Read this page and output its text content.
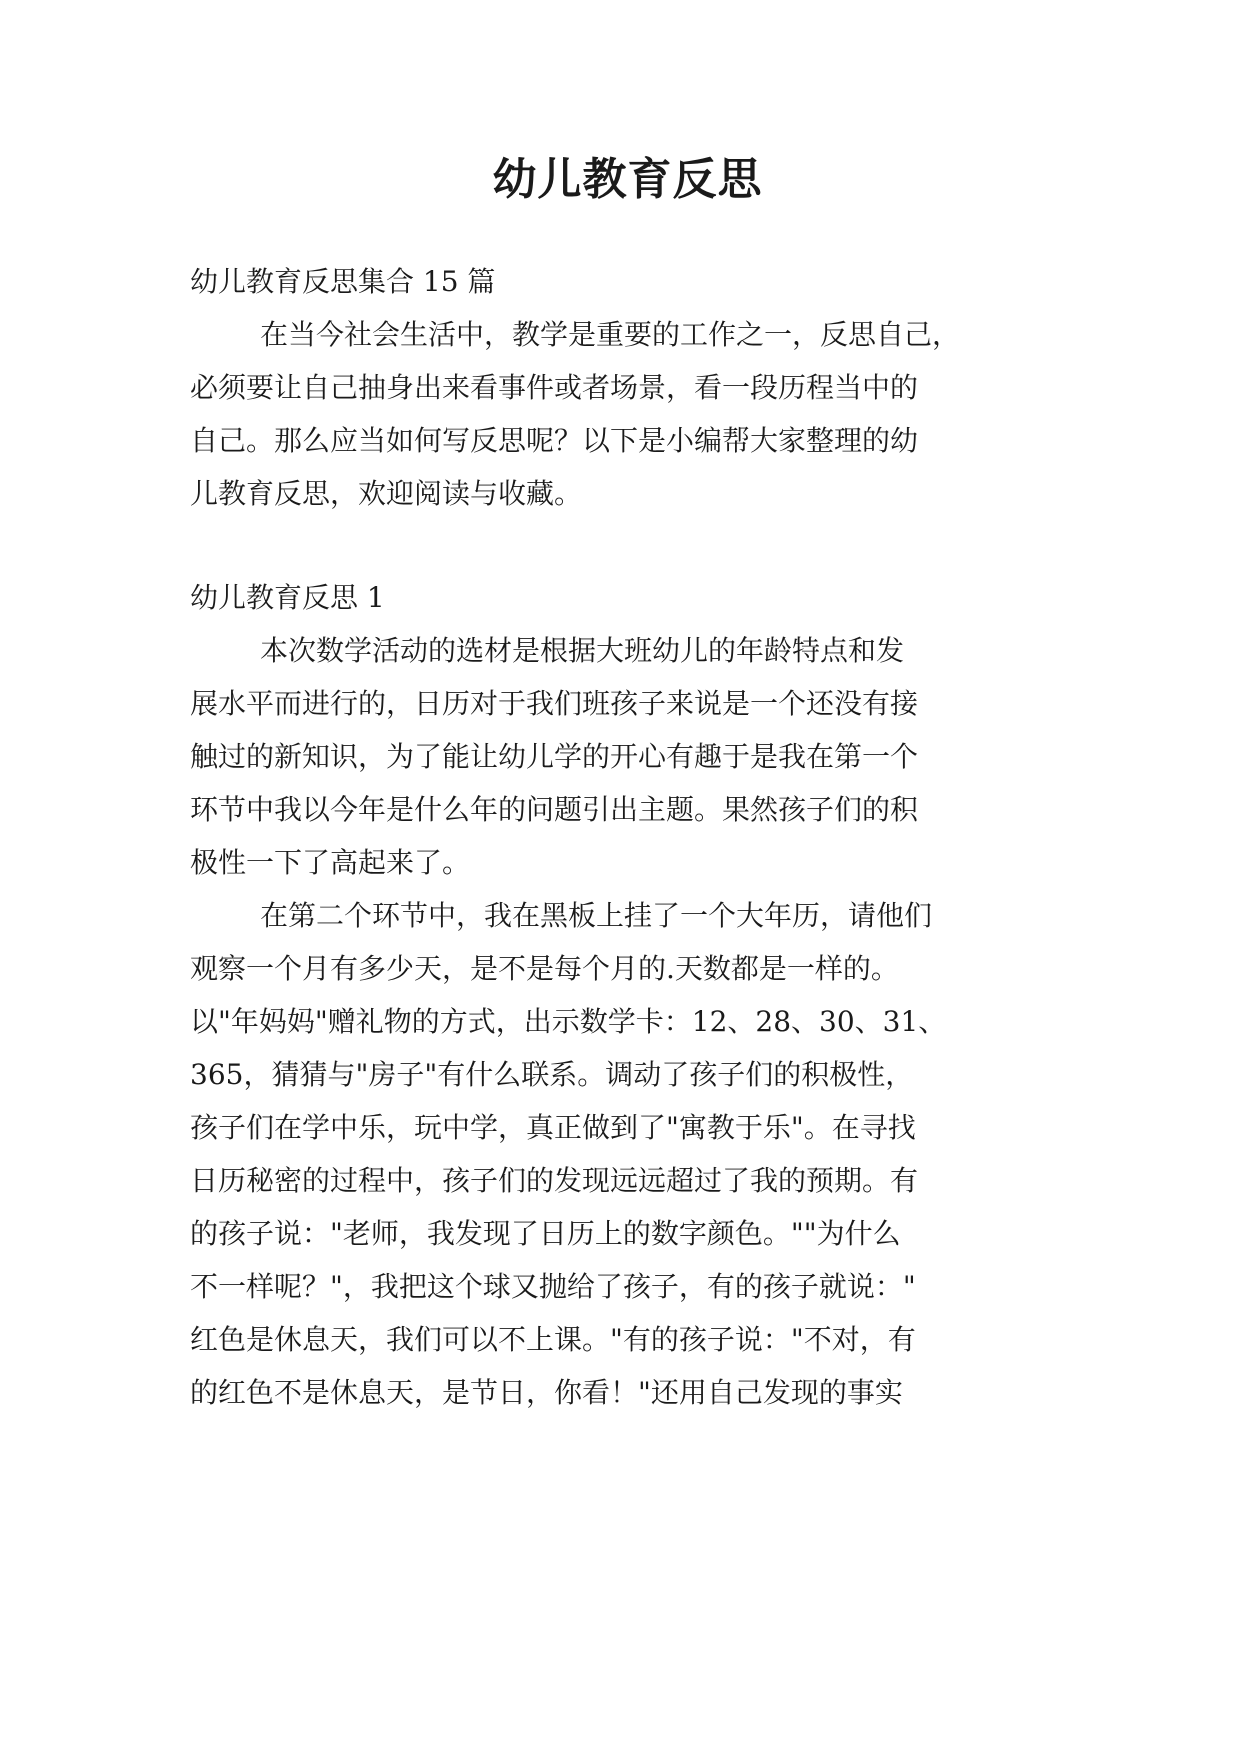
幼儿教育反思
幼儿教育反思集合 15 篇
在当今社会生活中，教学是重要的工作之一，反思自己，
必须要让自己抽身出来看事件或者场景，看一段历程当中的
自己。那么应当如何写反思呢？以下是小编帮大家整理的幼
儿教育反思，欢迎阅读与收藏。
幼儿教育反思 1
本次数学活动的选材是根据大班幼儿的年龄特点和发
展水平而进行的，日历对于我们班孩子来说是一个还没有接
触过的新知识，为了能让幼儿学的开心有趣于是我在第一个
环节中我以今年是什么年的问题引出主题。果然孩子们的积
极性一下了高起来了。
在第二个环节中，我在黑板上挂了一个大年历，请他们
观察一个月有多少天，是不是每个月的.天数都是一样的。
以"年妈妈"赠礼物的方式，出示数学卡：12、28、30、31、
365，猜猜与"房子"有什么联系。调动了孩子们的积极性，
孩子们在学中乐，玩中学，真正做到了"寓教于乐"。在寻找
日历秘密的过程中，孩子们的发现远远超过了我的预期。有
的孩子说："老师，我发现了日历上的数字颜色。""为什么
不一样呢？"，我把这个球又抛给了孩子，有的孩子就说："
红色是休息天，我们可以不上课。"有的孩子说："不对，有
的红色不是休息天，是节日，你看！"还用自己发现的事实
